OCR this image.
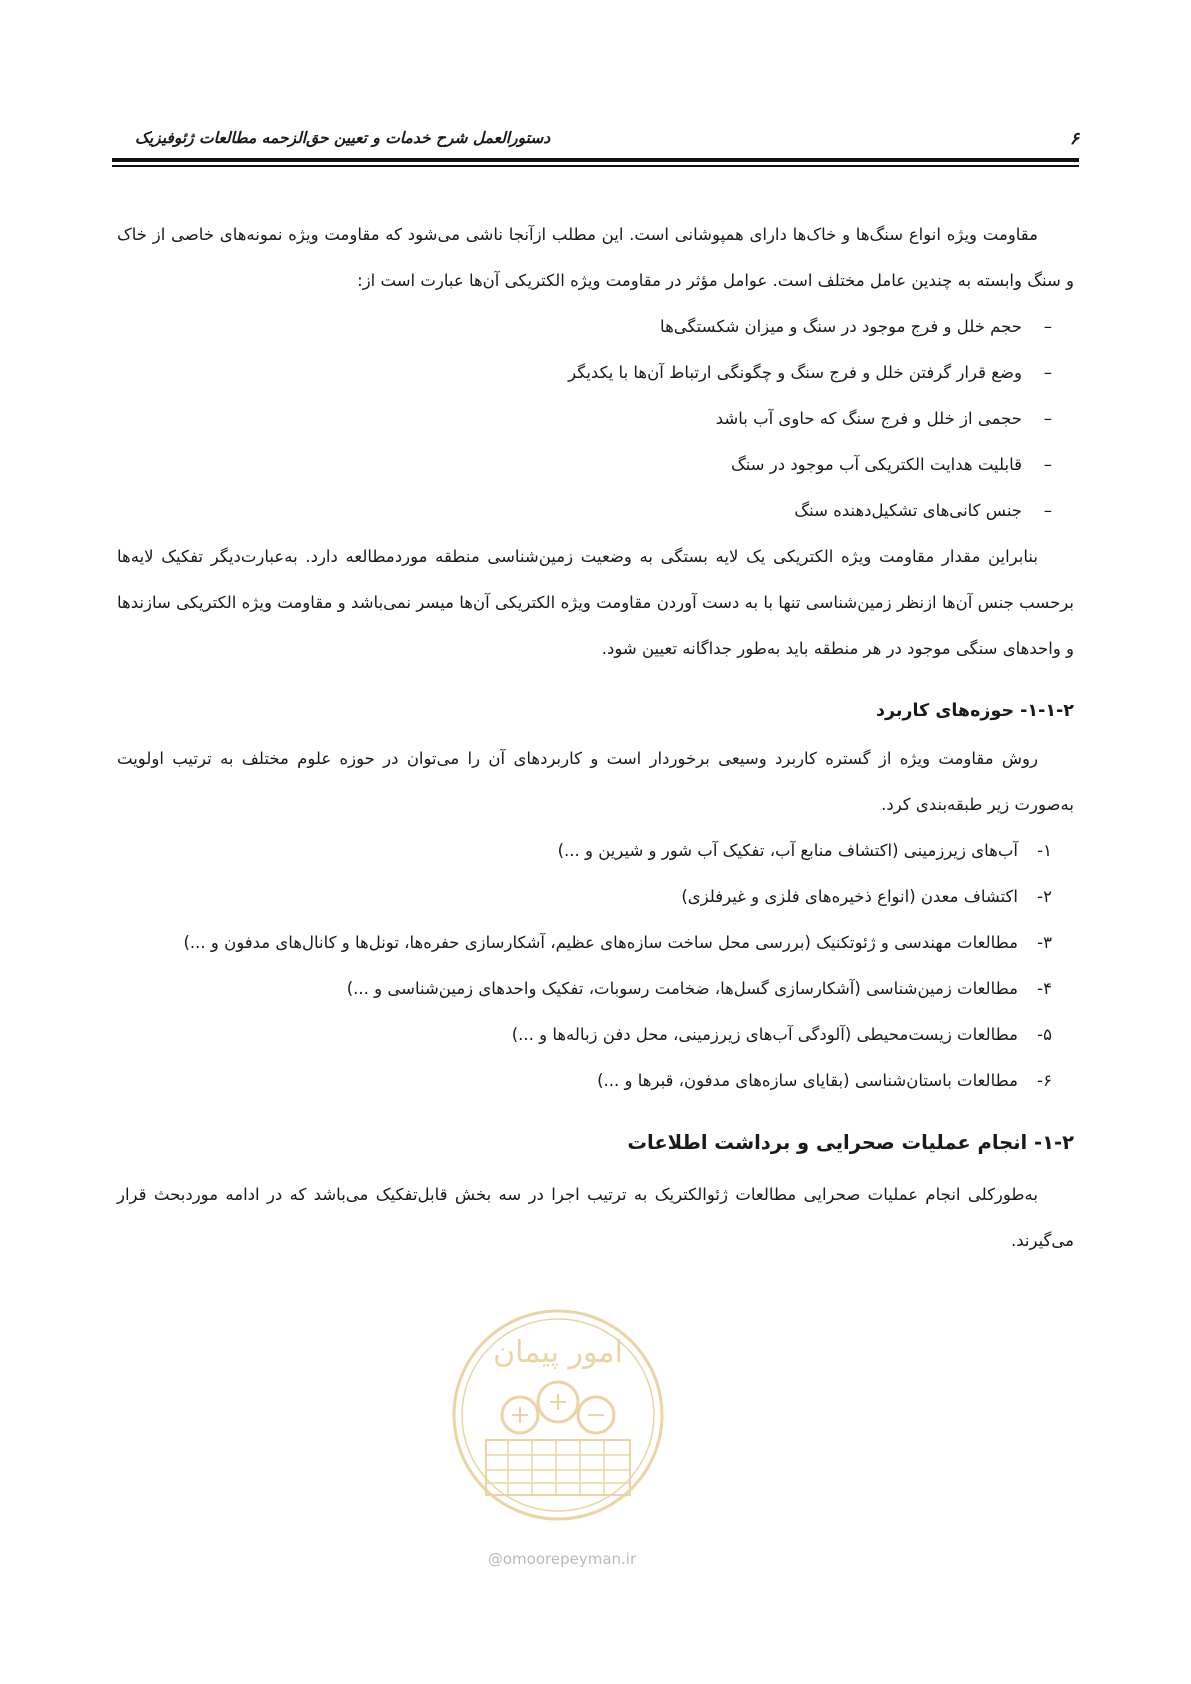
۶
دستورالعمل شرح خدمات و تعیین حق‌الزحمه مطالعات ژئوفیزیک

مقاومت ویژه انواع سنگ‌ها و خاک‌ها دارای همپوشانی است. این مطلب ازآنجا ناشی می‌شود که مقاومت ویژه نمونه‌های خاصی از خاک و سنگ وابسته به چندین عامل مختلف است. عوامل مؤثر در مقاومت ویژه الکتریکی آن‌ها عبارت است از:

– حجم خلل و فرج موجود در سنگ و میزان شکستگی‌ها
– وضع قرار گرفتن خلل و فرج سنگ و چگونگی ارتباط آن‌ها با یکدیگر
– حجمی از خلل و فرج سنگ که حاوی آب باشد
– قابلیت هدایت الکتریکی آب موجود در سنگ
– جنس کانی‌های تشکیل‌دهنده سنگ

بنابراین مقدار مقاومت ویژه الکتریکی یک لایه بستگی به وضعیت زمین‌شناسی منطقه موردمطالعه دارد. به‌عبارت‌دیگر تفکیک لایه‌ها برحسب جنس آن‌ها ازنظر زمین‌شناسی تنها با به دست آوردن مقاومت ویژه الکتریکی آن‌ها میسر نمی‌باشد و مقاومت ویژه الکتریکی سازندها و واحدهای سنگی موجود در هر منطقه باید به‌طور جداگانه تعیین شود.

۱-۱-۲- حوزه‌های کاربرد

روش مقاومت ویژه از گستره کاربرد وسیعی برخوردار است و کاربردهای آن را می‌توان در حوزه علوم مختلف به ترتیب اولویت به‌صورت زیر طبقه‌بندی کرد.

۱-
آب‌های زیرزمینی (اکتشاف منابع آب، تفکیک آب شور و شیرین و ...)
۲-
اکتشاف معدن (انواع ذخیره‌های فلزی و غیرفلزی)
۳-
مطالعات مهندسی و ژئوتکنیک (بررسی محل ساخت سازه‌های عظیم، آشکارسازی حفره‌ها، تونل‌ها و کانال‌های مدفون و ...)
۴-
مطالعات زمین‌شناسی (آشکارسازی گسل‌ها، ضخامت رسوبات، تفکیک واحدهای زمین‌شناسی و ...)
۵-
مطالعات زیست‌محیطی (آلودگی آب‌های زیرزمینی، محل دفن زباله‌ها و ...)
۶-
مطالعات باستان‌شناسی (بقایای سازه‌های مدفون، قبرها و ...)
۱-۲- انجام عملیات صحرایی و برداشت اطلاعات

به‌طورکلی انجام عملیات صحرایی مطالعات ژئوالکتریک به ترتیب اجرا در سه بخش قابل‌تفکیک می‌باشد که در ادامه موردبحث قرار می‌گیرند.

امور پیمان
@omoorepeyman.ir
